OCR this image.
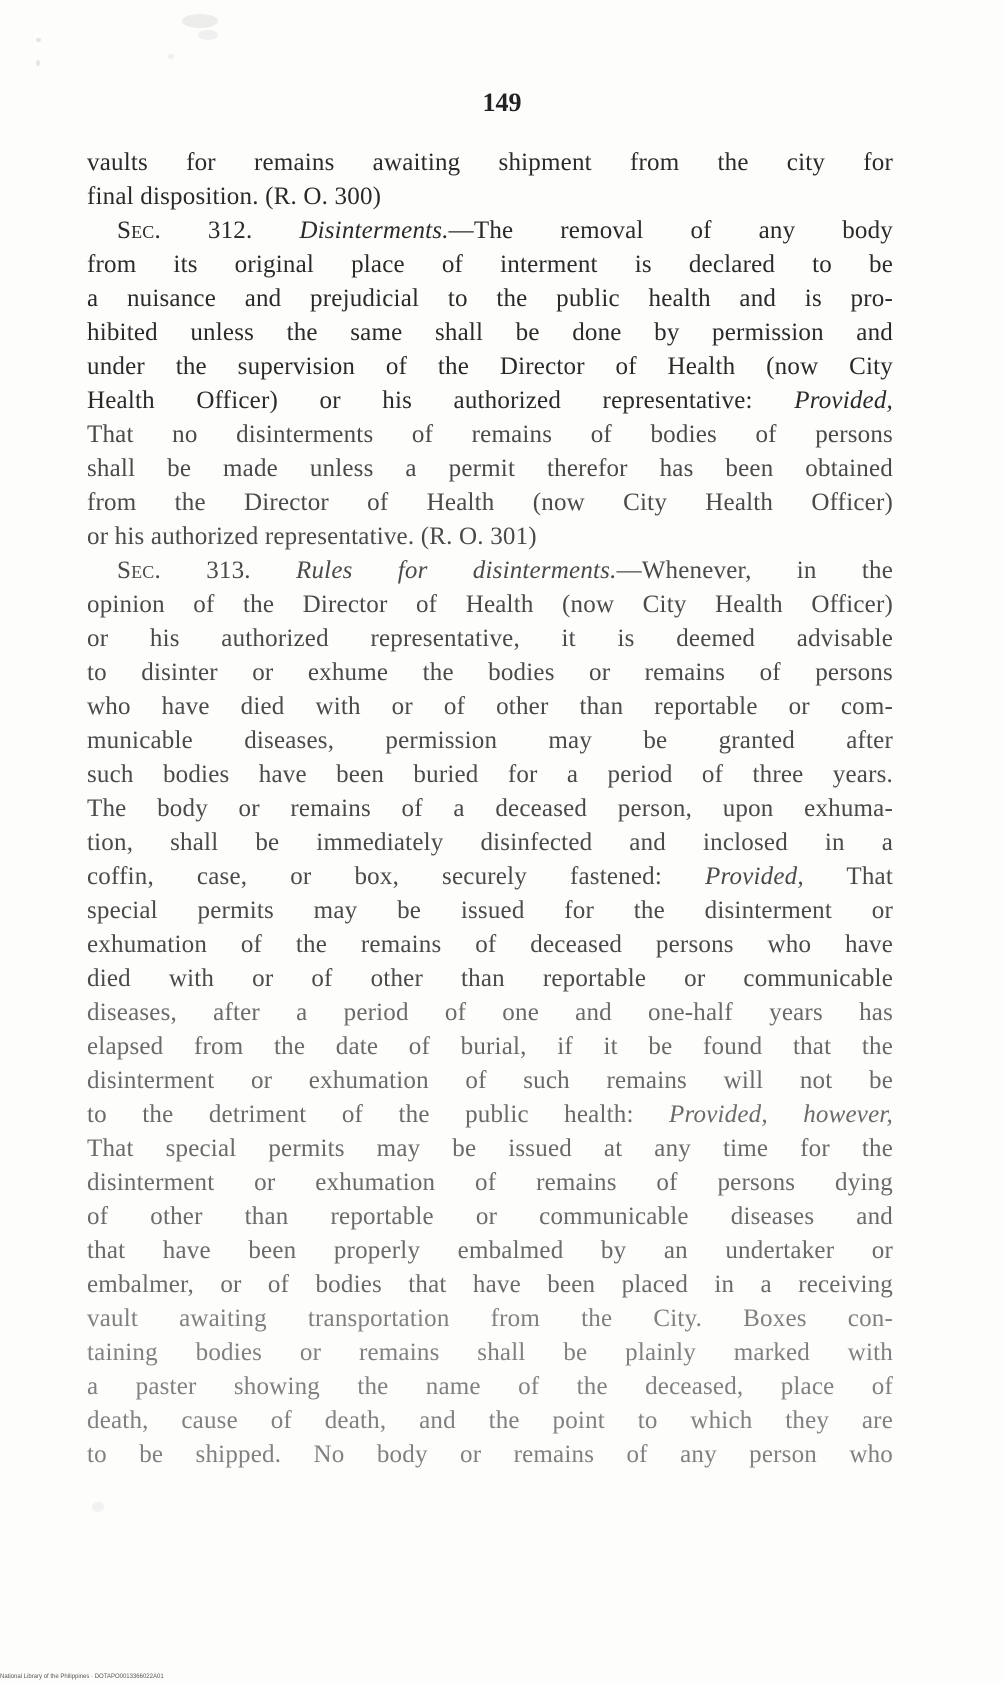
149
vaults for remains awaiting shipment from the city for
final disposition. (R. O. 300)
Sec. 312. Disinterments.—The removal of any body
from its original place of interment is declared to be
a nuisance and prejudicial to the public health and is pro-
hibited unless the same shall be done by permission and
under the supervision of the Director of Health (now City
Health Officer) or his authorized representative: Provided,
That no disinterments of remains of bodies of persons
shall be made unless a permit therefor has been obtained
from the Director of Health (now City Health Officer)
or his authorized representative. (R. O. 301)
Sec. 313. Rules for disinterments.—Whenever, in the
opinion of the Director of Health (now City Health Officer)
or his authorized representative, it is deemed advisable
to disinter or exhume the bodies or remains of persons
who have died with or of other than reportable or com-
municable diseases, permission may be granted after
such bodies have been buried for a period of three years.
The body or remains of a deceased person, upon exhuma-
tion, shall be immediately disinfected and inclosed in a
coffin, case, or box, securely fastened: Provided, That
special permits may be issued for the disinterment or
exhumation of the remains of deceased persons who have
died with or of other than reportable or communicable
diseases, after a period of one and one-half years has
elapsed from the date of burial, if it be found that the
disinterment or exhumation of such remains will not be
to the detriment of the public health: Provided, however,
That special permits may be issued at any time for the
disinterment or exhumation of remains of persons dying
of other than reportable or communicable diseases and
that have been properly embalmed by an undertaker or
embalmer, or of bodies that have been placed in a receiving
vault awaiting transportation from the City. Boxes con-
taining bodies or remains shall be plainly marked with
a paster showing the name of the deceased, place of
death, cause of death, and the point to which they are
to be shipped. No body or remains of any person who
National Library of the Philippines · DOTAPO0013366022A01
